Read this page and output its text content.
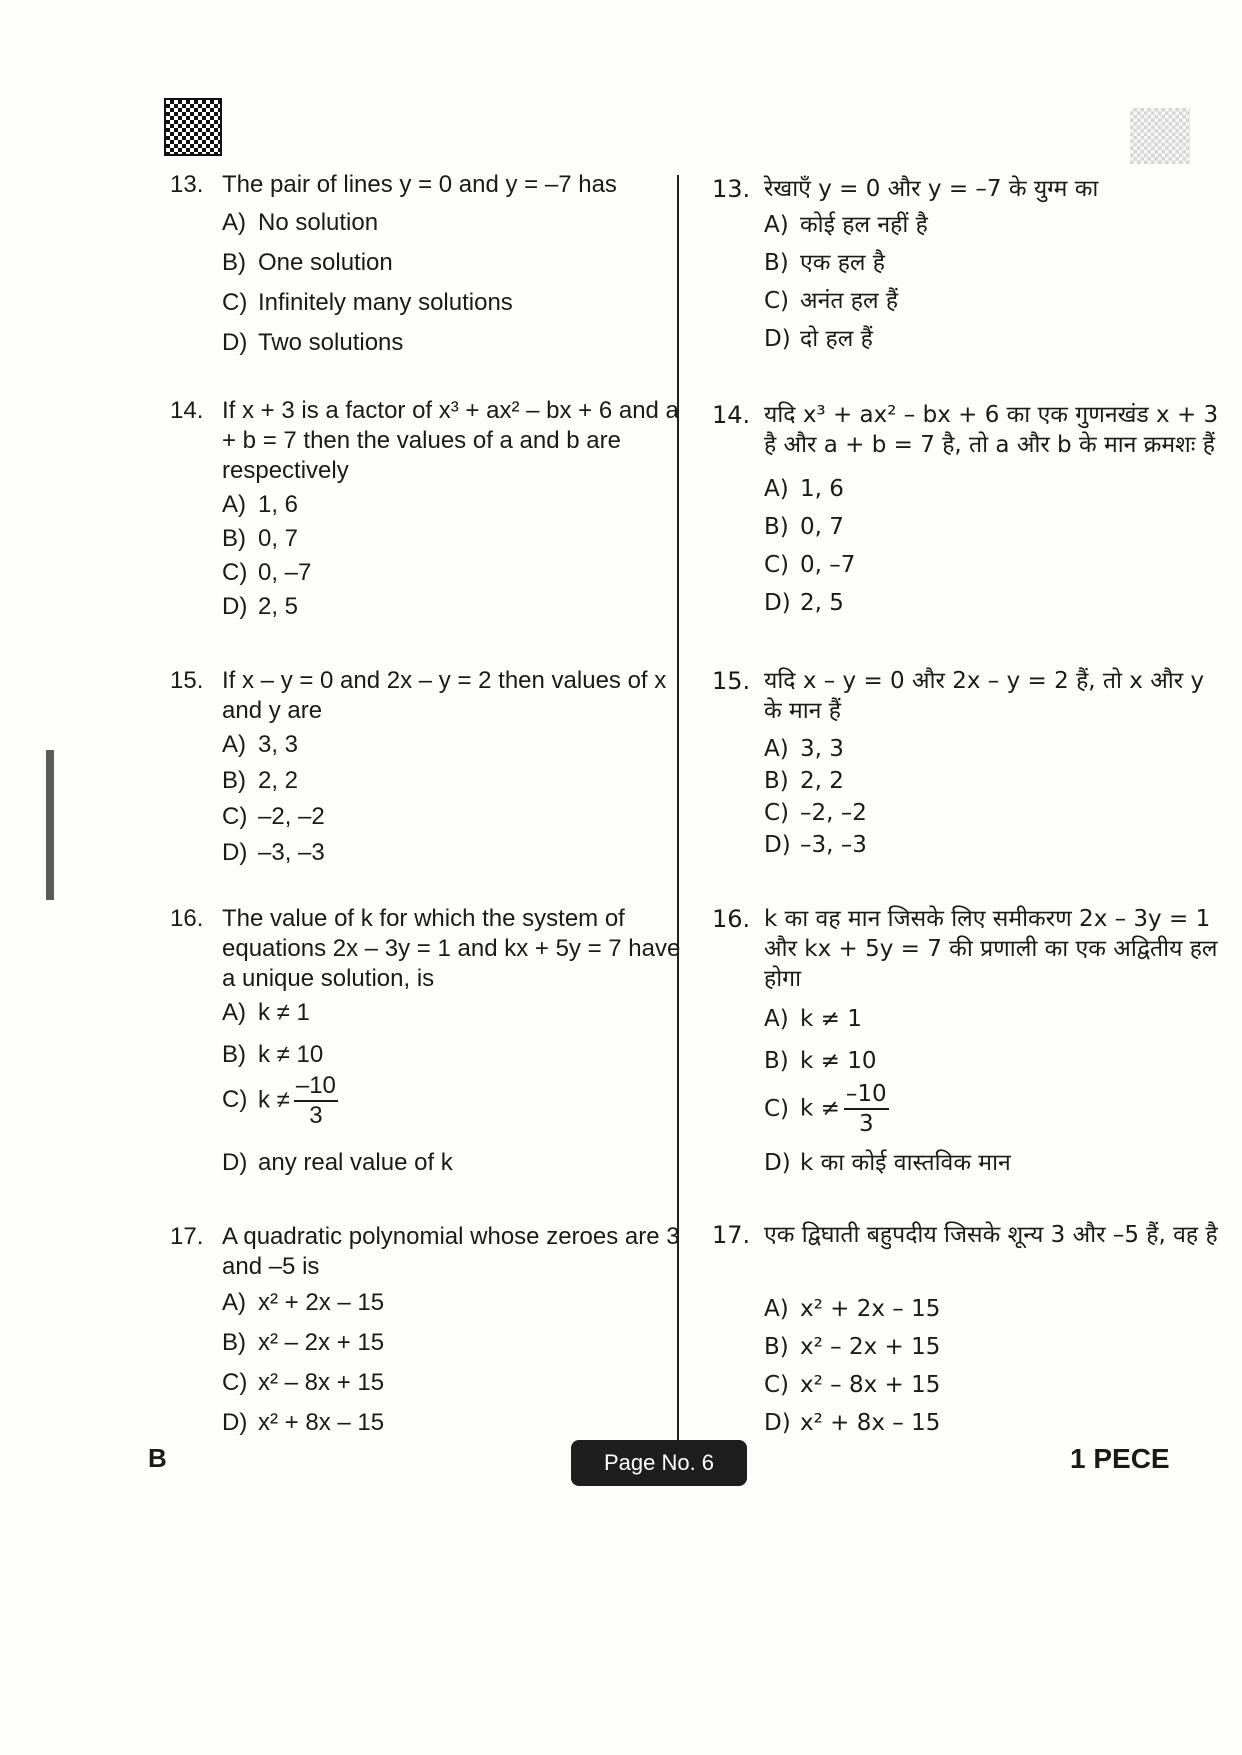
13. The pair of lines y = 0 and y = –7 has
A) No solution
B) One solution
C) Infinitely many solutions
D) Two solutions
14. If x + 3 is a factor of x³ + ax² – bx + 6 and a + b = 7 then the values of a and b are respectively
A) 1, 6
B) 0, 7
C) 0, –7
D) 2, 5
15. If x – y = 0 and 2x – y = 2 then values of x and y are
A) 3, 3
B) 2, 2
C) –2, –2
D) –3, –3
16. The value of k for which the system of equations 2x – 3y = 1 and kx + 5y = 7 have a unique solution, is
A) k ≠ 1
B) k ≠ 10
C) $k \ne \frac{-10}{3}$
D) any real value of k
17. A quadratic polynomial whose zeroes are 3 and –5 is
A) x² + 2x – 15
B) x² – 2x + 15
C) x² – 8x + 15
D) x² + 8x – 15
13. रेखाएँ y = 0 और y = –7 के युग्म का
A) कोई हल नहीं है
B) एक हल है
C) अनंत हल हैं
D) दो हल हैं
14. यदि x³ + ax² – bx + 6 का एक गुणनखंड x + 3 है और a + b = 7 है, तो a और b के मान क्रमशः हैं
A) 1, 6
B) 0, 7
C) 0, –7
D) 2, 5
15. यदि x – y = 0 और 2x – y = 2 हैं, तो x और y के मान हैं
A) 3, 3
B) 2, 2
C) –2, –2
D) –3, –3
16. k का वह मान जिसके लिए समीकरण 2x – 3y = 1 और kx + 5y = 7 की प्रणाली का एक अद्वितीय हल होगा
A) k ≠ 1
B) k ≠ 10
C) $k \ne \frac{-10}{3}$
D) k का कोई वास्तविक मान
17. एक द्विघाती बहुपदीय जिसके शून्य 3 और –5 हैं, वह है
A) x² + 2x – 15
B) x² – 2x + 15
C) x² – 8x + 15
D) x² + 8x – 15
B	Page No. 6	1 PECE
